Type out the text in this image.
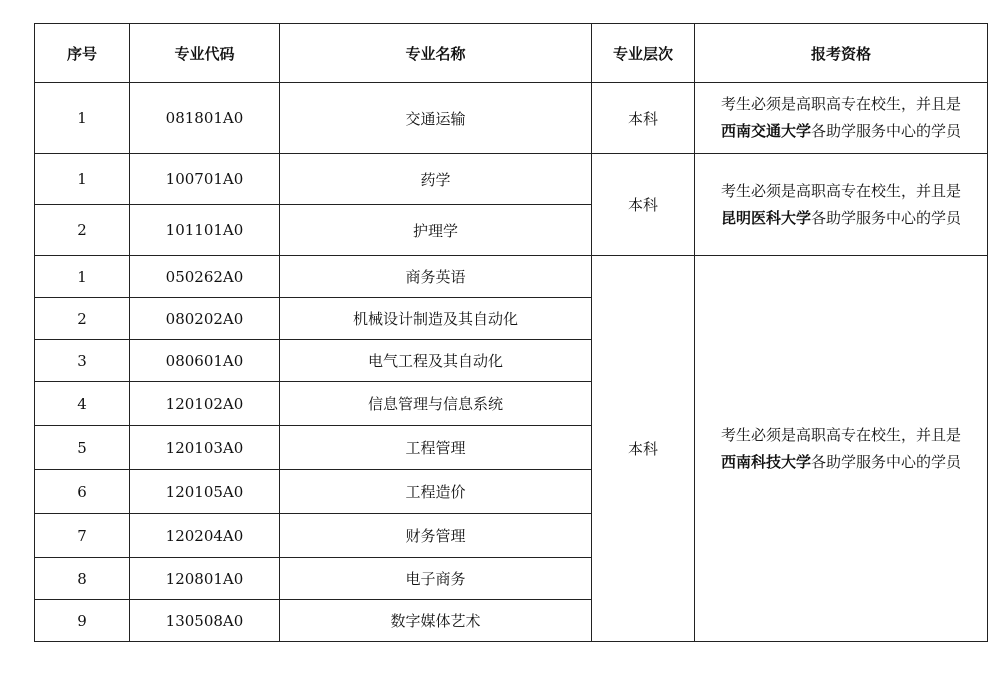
序号	专业代码	专业名称	专业层次	报考资格
1	081801A0	交通运输	本科	考生必须是高职高专在校生，并且是
西南交通大学各助学服务中心的学员
1	100701A0	药学	本科	考生必须是高职高专在校生，并且是
昆明医科大学各助学服务中心的学员
2	101101A0	护理学		
1	050262A0	商务英语	本科	考生必须是高职高专在校生，并且是
西南科技大学各助学服务中心的学员
2	080202A0	机械设计制造及其自动化		
3	080601A0	电气工程及其自动化		
4	120102A0	信息管理与信息系统		
5	120103A0	工程管理		
6	120105A0	工程造价		
7	120204A0	财务管理		
8	120801A0	电子商务		
9	130508A0	数字媒体艺术		
